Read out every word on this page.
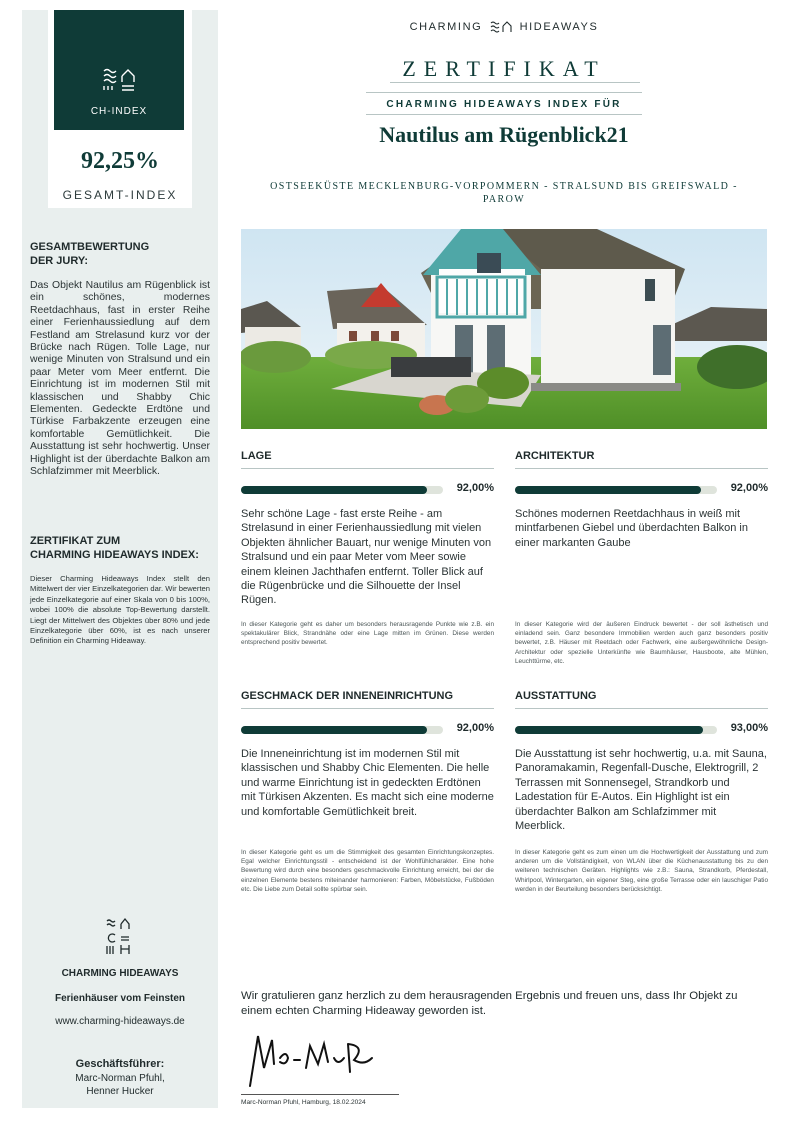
CH-INDEX
92,25%
GESAMT-INDEX
GESAMTBEWERTUNG
DER JURY:
Das Objekt Nautilus am Rügenblick ist ein schönes, modernes Reetdachhaus, fast in erster Reihe einer Ferienhaussiedlung auf dem Festland am Strelasund kurz vor der Brücke nach Rügen. Tolle Lage, nur wenige Minuten von Stralsund und ein paar Meter vom Meer entfernt. Die Einrichtung ist im modernen Stil mit klassischen und Shabby Chic Elementen. Gedeckte Erdtöne und Türkise Farbakzente erzeugen eine komfortable Gemütlichkeit. Die Ausstattung ist sehr hochwertig. Unser Highlight ist der überdachte Balkon am Schlafzimmer mit Meerblick.
ZERTIFIKAT ZUM
CHARMING HIDEAWAYS INDEX:
Dieser Charming Hideaways Index stellt den Mittelwert der vier Einzelkategorien dar. Wir bewerten jede Einzelkategorie auf einer Skala von 0 bis 100%, wobei 100% die absolute Top-Bewertung darstellt. Liegt der Mittelwert des Objektes über 80% und jede Einzelkategorie über 60%, ist es nach unserer Definition ein Charming Hideaway.
CHARMING HIDEAWAYS
Ferienhäuser vom Feinsten
www.charming-hideaways.de
Geschäftsführer:
Marc-Norman Pfuhl,
Henner Hucker
CHARMING	HIDEAWAYS
ZERTIFIKAT
CHARMING HIDEAWAYS INDEX FÜR
Nautilus am Rügenblick21
OSTSEEKÜSTE MECKLENBURG-VORPOMMERN - STRALSUND BIS GREIFSWALD - PAROW
LAGE
92,00%
Sehr schöne Lage - fast erste Reihe - am Strelasund in einer Ferienhaussiedlung mit vielen Objekten ähnlicher Bauart, nur wenige Minuten von Stralsund und ein paar Meter vom Meer sowie einem kleinen Jachthafen entfernt. Toller Blick auf die Rügenbrücke und die Silhouette der Insel Rügen.
In dieser Kategorie geht es daher um besonders herausragende Punkte wie z.B. ein spektakulärer Blick, Strandnähe oder eine Lage mitten im Grünen. Diese werden entsprechend positiv bewertet.
ARCHITEKTUR
92,00%
Schönes modernen Reetdachhaus in weiß mit mintfarbenen Giebel und überdachten Balkon in einer markanten Gaube
In dieser Kategorie wird der äußeren Eindruck bewertet - der soll ästhetisch und einladend sein. Ganz besondere Immobilien werden auch ganz besonders positiv bewertet, z.B. Häuser mit Reetdach oder Fachwerk, eine außergewöhnliche Design-Architektur oder spezielle Unterkünfte wie Baumhäuser, Hausboote, alte Mühlen, Leuchttürme, etc.
GESCHMACK DER INNENEINRICHTUNG
92,00%
Die Inneneinrichtung ist im modernen Stil mit klassischen und Shabby Chic Elementen. Die helle und warme Einrichtung ist in gedeckten Erdtönen mit Türkisen Akzenten. Es macht sich eine moderne und komfortable Gemütlichkeit breit.
In dieser Kategorie geht es um die Stimmigkeit des gesamten Einrichtungskonzeptes. Egal welcher Einrichtungsstil - entscheidend ist der Wohlfühlcharakter. Eine hohe Bewertung wird durch eine besonders geschmackvolle Einrichtung erreicht, bei der die einzelnen Elemente bestens miteinander harmonieren: Farben, Möbelstücke, Fußböden etc. Die Liebe zum Detail sollte spürbar sein.
AUSSTATTUNG
93,00%
Die Ausstattung ist sehr hochwertig, u.a. mit Sauna, Panoramakamin, Regenfall-Dusche, Elektrogrill, 2 Terrassen mit Sonnensegel, Strandkorb und Ladestation für E-Autos. Ein Highlight ist ein überdachter Balkon am Schlafzimmer mit Meerblick.
In dieser Kategorie geht es zum einen um die Hochwertigkeit der Ausstattung und zum anderen um die Vollständigkeit, von WLAN über die Küchenausstattung bis zu den weiteren technischen Geräten. Highlights wie z.B.: Sauna, Strandkorb, Pferdestall, Whirlpool, Wintergarten, ein eigener Steg, eine große Terrasse oder ein lauschiger Patio werden in der Beurteilung besonders berücksichtigt.
Wir gratulieren ganz herzlich zu dem herausragenden Ergebnis und freuen uns, dass Ihr Objekt zu einem echten Charming Hideaway geworden ist.
Marc-Norman Pfuhl, Hamburg, 18.02.2024
